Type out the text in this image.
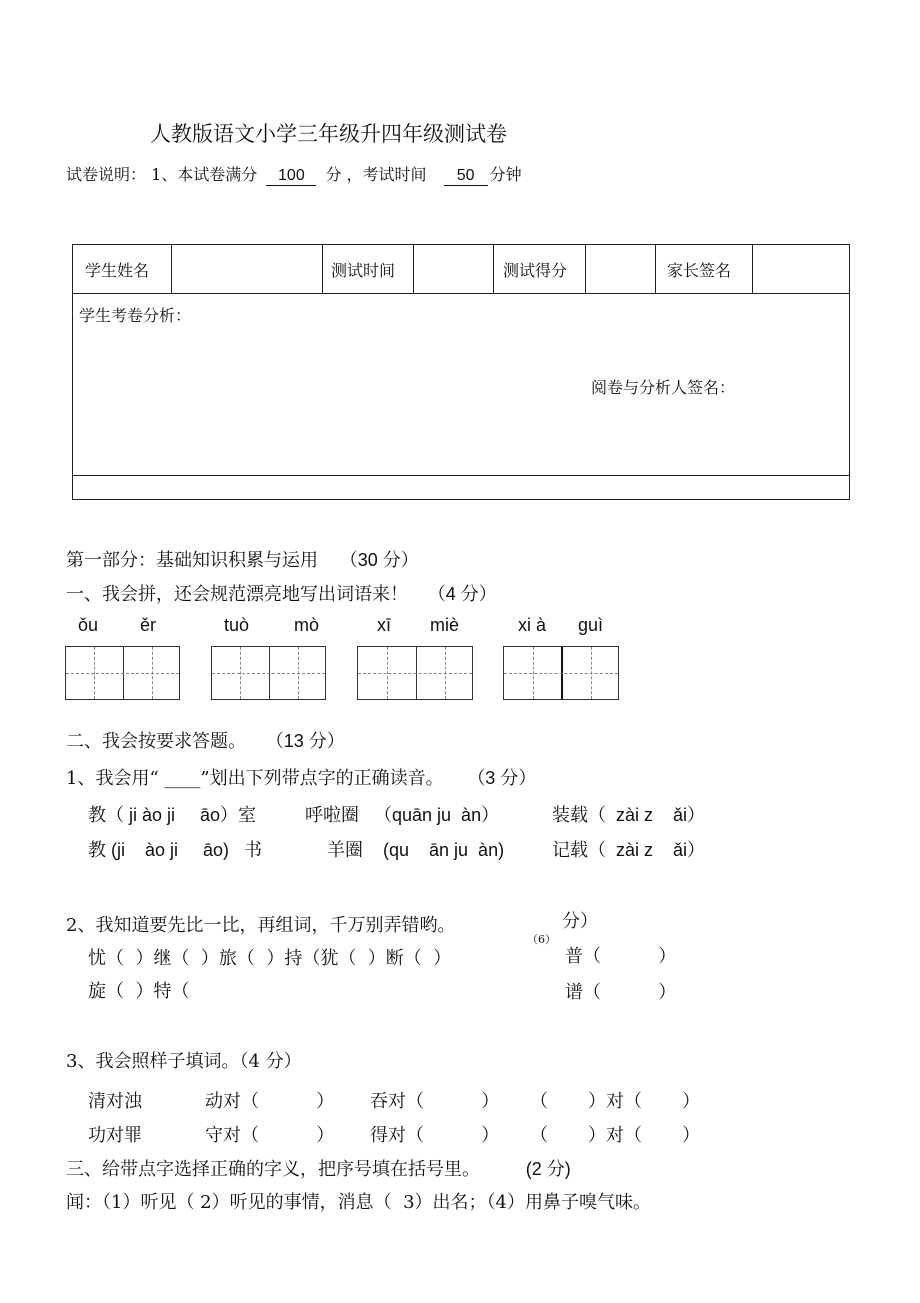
人教版语文小学三年级升四年级测试卷
试卷说明： 1、本试卷满分 100 分 ，考试时间 50 分钟
学生姓名	测试时间	测试得分	家长签名
学生考卷分析：
阅卷与分析人签名：
第一部分：基础知识积累与运用 （30 分）
一、我会拼，还会规范漂亮地写出词语来！ （4 分）
ǒu ěr	tuò mò	xī miè	xi à ɡuì
二、我会按要求答题。 （13 分）
1、我会用“ ____”划出下列带点字的正确读音。 （3 分）
教（ ji ào ji     āo）室	呼啦圈   （quān ju  àn）	装载（  zài z    ǎi）
教 (ji    ào ji     āo)   书	羊圈    (qu    ān ju  àn)	记载（  zài z    ǎi）
2、我知道要先比一比，再组词，千万别弄错哟。	分）
（6）
忧（  ）继（  ）旅（  ）持（犹（  ）断（  ）	普（          ）
旋（  ）特（	谱（          ）
3、我会照样子填词。（4 分）
清对浊	动对（          ） 吞对（          ） （       ）对（       ）
功对罪	守对（          ） 得对（          ） （       ）对（       ）
三、给带点字选择正确的字义，把序号填在括号里。	(2 分)
闻：（1）听见（ 2）听见的事情，消息（  3）出名；（4）用鼻子嗅气味。
